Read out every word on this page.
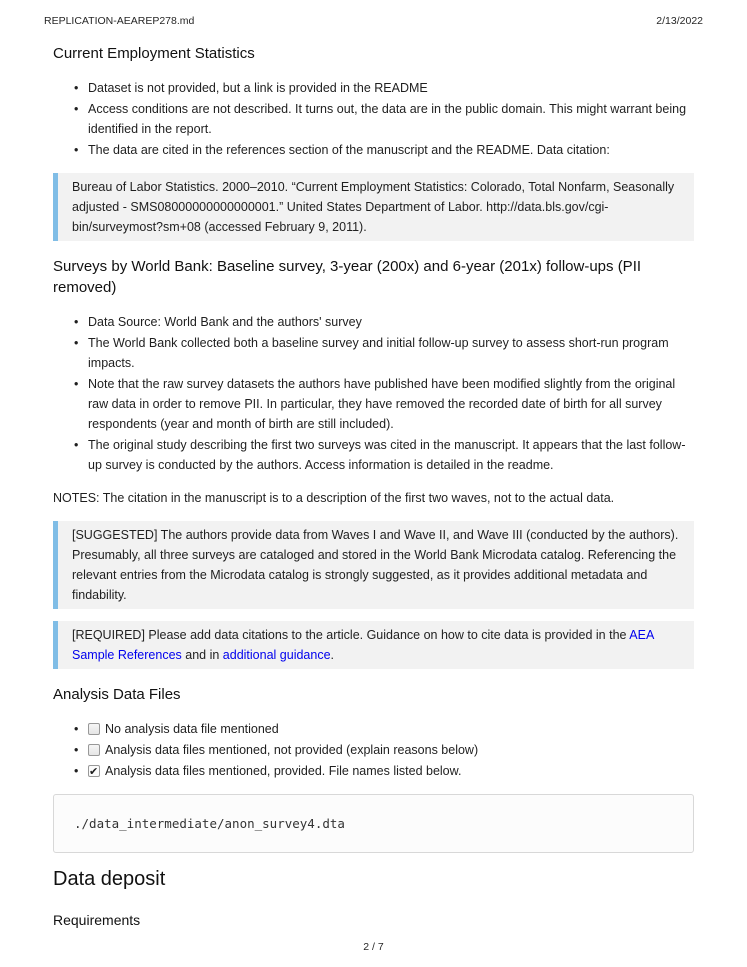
REPLICATION-AEAREP278.md	2/13/2022
Current Employment Statistics
• Dataset is not provided, but a link is provided in the README
• Access conditions are not described. It turns out, the data are in the public domain. This might warrant being identified in the report.
• The data are cited in the references section of the manuscript and the README. Data citation:
Bureau of Labor Statistics. 2000–2010. “Current Employment Statistics: Colorado, Total Nonfarm, Seasonally adjusted - SMS08000000000000001.” United States Department of Labor. http://data.bls.gov/cgi-bin/surveymost?sm+08 (accessed February 9, 2011).
Surveys by World Bank: Baseline survey, 3-year (200x) and 6-year (201x) follow-ups (PII removed)
• Data Source: World Bank and the authors' survey
• The World Bank collected both a baseline survey and initial follow-up survey to assess short-run program impacts.
• Note that the raw survey datasets the authors have published have been modified slightly from the original raw data in order to remove PII. In particular, they have removed the recorded date of birth for all survey respondents (year and month of birth are still included).
• The original study describing the first two surveys was cited in the manuscript. It appears that the last follow-up survey is conducted by the authors. Access information is detailed in the readme.

NOTES: The citation in the manuscript is to a description of the first two waves, not to the actual data.

[SUGGESTED] The authors provide data from Waves I and Wave II, and Wave III (conducted by the authors). Presumably, all three surveys are cataloged and stored in the World Bank Microdata catalog. Referencing the relevant entries from the Microdata catalog is strongly suggested, as it provides additional metadata and findability.
[REQUIRED] Please add data citations to the article. Guidance on how to cite data is provided in the AEA Sample References and in additional guidance.
Analysis Data Files
• No analysis data file mentioned
• Analysis data files mentioned, not provided (explain reasons below)
✔• Analysis data files mentioned, provided. File names listed below.
./data_intermediate/anon_survey4.dta
Data deposit
Requirements
2 / 7
